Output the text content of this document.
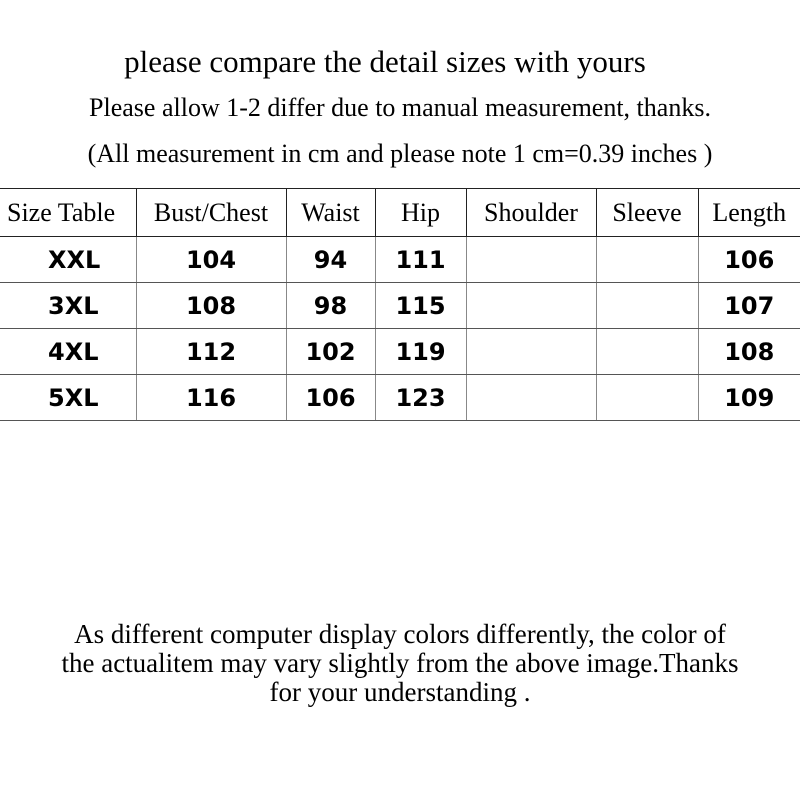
please compare the detail sizes with yours
Please allow 1-2 differ due to manual measurement, thanks.
(All measurement in cm and please note 1 cm=0.39 inches )
Size Table	Bust/Chest	Waist	Hip	Shoulder	Sleeve	Length
XXL	104	94	111			106
3XL	108	98	115			107
4XL	112	102	119			108
5XL	116	106	123			109
As different computer display colors differently, the color of
the actualitem may vary slightly from the above image.Thanks
for your understanding .
